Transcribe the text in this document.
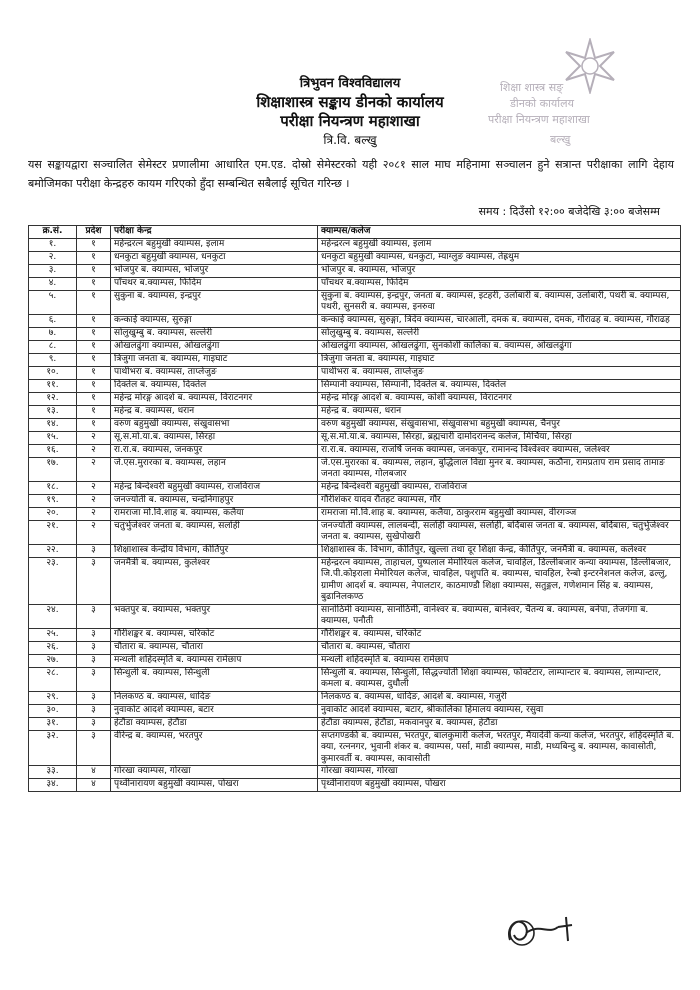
शिक्षा शास्त्र सङ्‌
डीनको कार्यालय
परीक्षा नियन्त्रण महाशाखा
बल्खु
त्रिभुवन विश्वविद्यालय
शिक्षाशास्त्र सङ्काय डीनको कार्यालय
परीक्षा नियन्त्रण महाशाखा
त्रि.वि. बल्खु
यस सङ्कायद्वारा सञ्चालित सेमेस्टर प्रणालीमा आधारित एम.एड. दोस्रो सेमेस्टरको यही २०८१ साल माघ महिनामा सञ्चालन हुने सत्रान्त परीक्षाका लागि देहाय बमोजिमका परीक्षा केन्द्रहरु कायम गरिएको हुँदा सम्बन्धित सबैलाई सूचित गरिन्छ ।
समय : दिउँसो १२:०० बजेदेखि ३:०० बजेसम्म
क्र.सं.	प्रदेश	परीक्षा केन्द्र	क्याम्पस/कलेज
१.	१	महेन्द्ररत्न बहुमुखी क्याम्पस, इलाम	महेन्द्ररत्न बहुमुखी क्याम्पस, इलाम
२.	१	धनकुटा बहुमुखी क्याम्पस, धनकुटा	धनकुटा बहुमुखी क्याम्पस, धनकुटा, म्याग्लुङ क्याम्पस, तेह्रथुम
३.	१	भोजपुर ब. क्याम्पस, भोजपुर	भोजपुर ब. क्याम्पस, भोजपुर
४.	१	पाँचथर ब.क्याम्पस, फिदिम	पाँचथर ब.क्याम्पस, फिदिम
५.	१	सुकुना ब. क्याम्पस, इन्द्रपुर	सुकुना ब. क्याम्पस, इन्द्रपुर, जनता ब. क्याम्पस, इटहरी, उर्लाबारी ब. क्याम्पस, उर्लाबारी, पथरी ब. क्याम्पस, पथरी, सुनसरी ब. क्याम्पस, इनरुवा
६.	१	कन्काई क्याम्पस, सुरुङ्गा	कन्काई क्याम्पस, सुरुङ्गा, त्रिदेव क्याम्पस, चारआली, दमक ब. क्याम्पस, दमक, गौराढह ब. क्याम्पस, गौराढह
७.	१	सोलुखुम्बु ब. क्याम्पस, सल्लेरी	सोलुखुम्बु ब. क्याम्पस, सल्लेरी
८.	१	ओखलढुंगा क्याम्पस, ओखलढुंगा	ओखलढुंगा क्याम्पस, ओखलढुंगा, सुनकोशी कालिका ब. क्याम्पस, ओखलढुंगा
९.	१	त्रिजुगा जनता ब. क्याम्पस, गाइघाट	त्रिजुगा जनता ब. क्याम्पस, गाइघाट
१०.	१	पाथीभरा ब. क्याम्पस, ताप्लेजुङ	पाथीभरा ब. क्याम्पस, ताप्लेजुङ
११.	१	दिक्तेल ब. क्याम्पस, दिक्तेल	सिम्पानी क्याम्पस, सिम्पानी, दिक्तेल ब. क्याम्पस, दिक्तेल
१२.	१	महेन्द्र मोरङ्ग आदर्श ब. क्याम्पस, विराटनगर	महेन्द्र मोरङ्ग आदर्श ब. क्याम्पस, कोशी क्याम्पस, विराटनगर
१३.	१	महेन्द्र ब. क्याम्पस, धरान	महेन्द्र ब. क्याम्पस, धरान
१४.	१	वरुण बहुमुखी क्याम्पस, संखुवासभा	वरुण बहुमुखी क्याम्पस, संखुवासभा, संखुवासभा बहुमुखी क्याम्पस, चैनपुर
१५.	२	सू.स.मो.या.ब. क्याम्पस, सिरहा	सू.स.मो.या.ब. क्याम्पस, सिरहा, ब्रह्मचारी दामोदरानन्द कलेज, मिर्चिया, सिरहा
१६.	२	रा.रा.ब. क्याम्पस, जनकपुर	रा.रा.ब. क्याम्पस, राजर्षि जनक क्याम्पस, जनकपुर, रामानन्द विश्वेश्वर क्याम्पस, जलेश्वर
१७.	२	जे.एस.मुरारका ब. क्याम्पस, लहान	जे.एस.मुरारका ब. क्याम्पस, लहान, बुद्धिलाल विद्या मुनर ब. क्याम्पस, कठौना, रामप्रताप राम प्रसाद तामाङ जनता क्याम्पस, गोलबजार
१८.	२	महेन्द्र बिन्देश्वरी बहुमुखी क्याम्पस, राजविराज	महेन्द्र बिन्देश्वरी बहुमुखी क्याम्पस, राजविराज
१९.	२	जनज्योती ब. क्याम्पस, चन्द्रनिगाहपुर	गौरीशंकर यादव रौतहट क्याम्पस, गौर
२०.	२	रामराजा मो.वि.शाह ब. क्याम्पस, कलैया	रामराजा मो.वि.शाह ब. क्याम्पस, कलैया, ठाकुरराम बहुमुखी क्याम्पस, वीरगञ्ज
२१.	२	चतुर्भुजेश्वर जनता ब. क्याम्पस, सर्लाही	जनज्योती क्याम्पस, लालबन्दी, सर्लाही क्याम्पस, सर्लाही, बर्दिबास जनता ब. क्याम्पस, बर्दिबास, चतुर्भुजेश्वर जनता ब. क्याम्पस, सुखेपोखरी
२२.	३	शिक्षाशास्त्र केन्द्रीय विभाग, कीर्तिपुर	शिक्षाशास्त्र के. विभाग, कीर्तिपुर, खुल्ला तथा दूर शिक्षा केन्द्र, कीर्तिपुर, जनमैत्री ब. क्याम्पस, कलेश्वर
२३.	३	जनमैत्री ब. क्याम्पस, कुलेश्वर	महेन्द्ररत्न क्याम्पस, ताहाचल, पुष्पलाल मेमोरियल कलेज, चावहिल, डिल्लीबजार कन्या क्याम्पस, डिल्लीबजार, जि.पी.कोइराला मेमोरियल कलेज, चावहिल, पशुपति ब. क्याम्पस, चावहिल, रेन्बो इन्टरनेशनल कलेज, ढल्लु, ग्रामीण आदर्श ब. क्याम्पस, नेपालटार, काठमाण्डौ शिक्षा क्याम्पस, सतुङ्गल, गणेशमान सिंह ब. क्याम्पस, बुढानिलकण्ठ
२४.	३	भक्तपुर ब. क्याम्पस, भक्तपुर	सानोठिमी क्याम्पस, सानोठिमी, वानेश्वर ब. क्याम्पस, बानेश्वर, चैतन्य ब. क्याम्पस, बनेपा, तेजगंगा ब. क्याम्पस, पनौती
२५.	३	गौरीशङ्कर ब. क्याम्पस, चरिकोट	गौरीशङ्कर ब. क्याम्पस, चरिकोट
२६.	३	चौतारा ब. क्याम्पस, चौतारा	चौतारा ब. क्याम्पस, चौतारा
२७.	३	मन्थली शहिदस्मृति ब. क्याम्पस रामेछाप	मन्थली शहिदस्मृति ब. क्याम्पस रामेछाप
२८.	३	सिन्धुली ब. क्याम्पस, सिन्धुली	सिन्धुली ब. क्याम्पस, सिन्धुली, सिद्धज्योती शिक्षा क्याम्पस, फोक्टेटार, लाम्पान्टार ब. क्याम्पस, लाम्पान्टार, कमला ब. क्याम्पस, दुधौली
२९.	३	निलकण्ठ ब. क्याम्पस, धादिङ	निलकण्ठ ब. क्याम्पस, धादिङ, आदर्श ब. क्याम्पस, गजुरी
३०.	३	नुवाकोट आदर्श क्याम्पस, बटार	नुवाकोट आदर्श क्याम्पस, बटार, श्रीकालिका हिमालय क्याम्पस, रसुवा
३१.	३	हेटौडा क्याम्पस, हेटौडा	हेटौडा क्याम्पस, हेटौडा, मकवानपुर ब. क्याम्पस, हेटौडा
३२.	३	वीरेन्द्र ब. क्याम्पस, भरतपुर	सप्तगण्डकी ब. क्याम्पस, भरतपुर, बालकुमारी कलेज, भरतपुर, मैयादेवी कन्या कलेज, भरतपुर, शहिदस्मृति ब. क्या, रत्ननगर, भुवानी शंकर ब. क्याम्पस, पर्सा, माडी क्याम्पस, माडी, मध्यबिन्दु ब. क्याम्पस, कावासोती, कुमारवर्ती ब. क्याम्पस, कावासोती
३३.	४	गोरखा क्याम्पस, गोरखा	गोरखा क्याम्पस, गोरखा
३४.	४	पृथ्वीनारायण बहुमुखी क्याम्पस, पोखरा	पृथ्वीनारायण बहुमुखी क्याम्पस, पोखरा
